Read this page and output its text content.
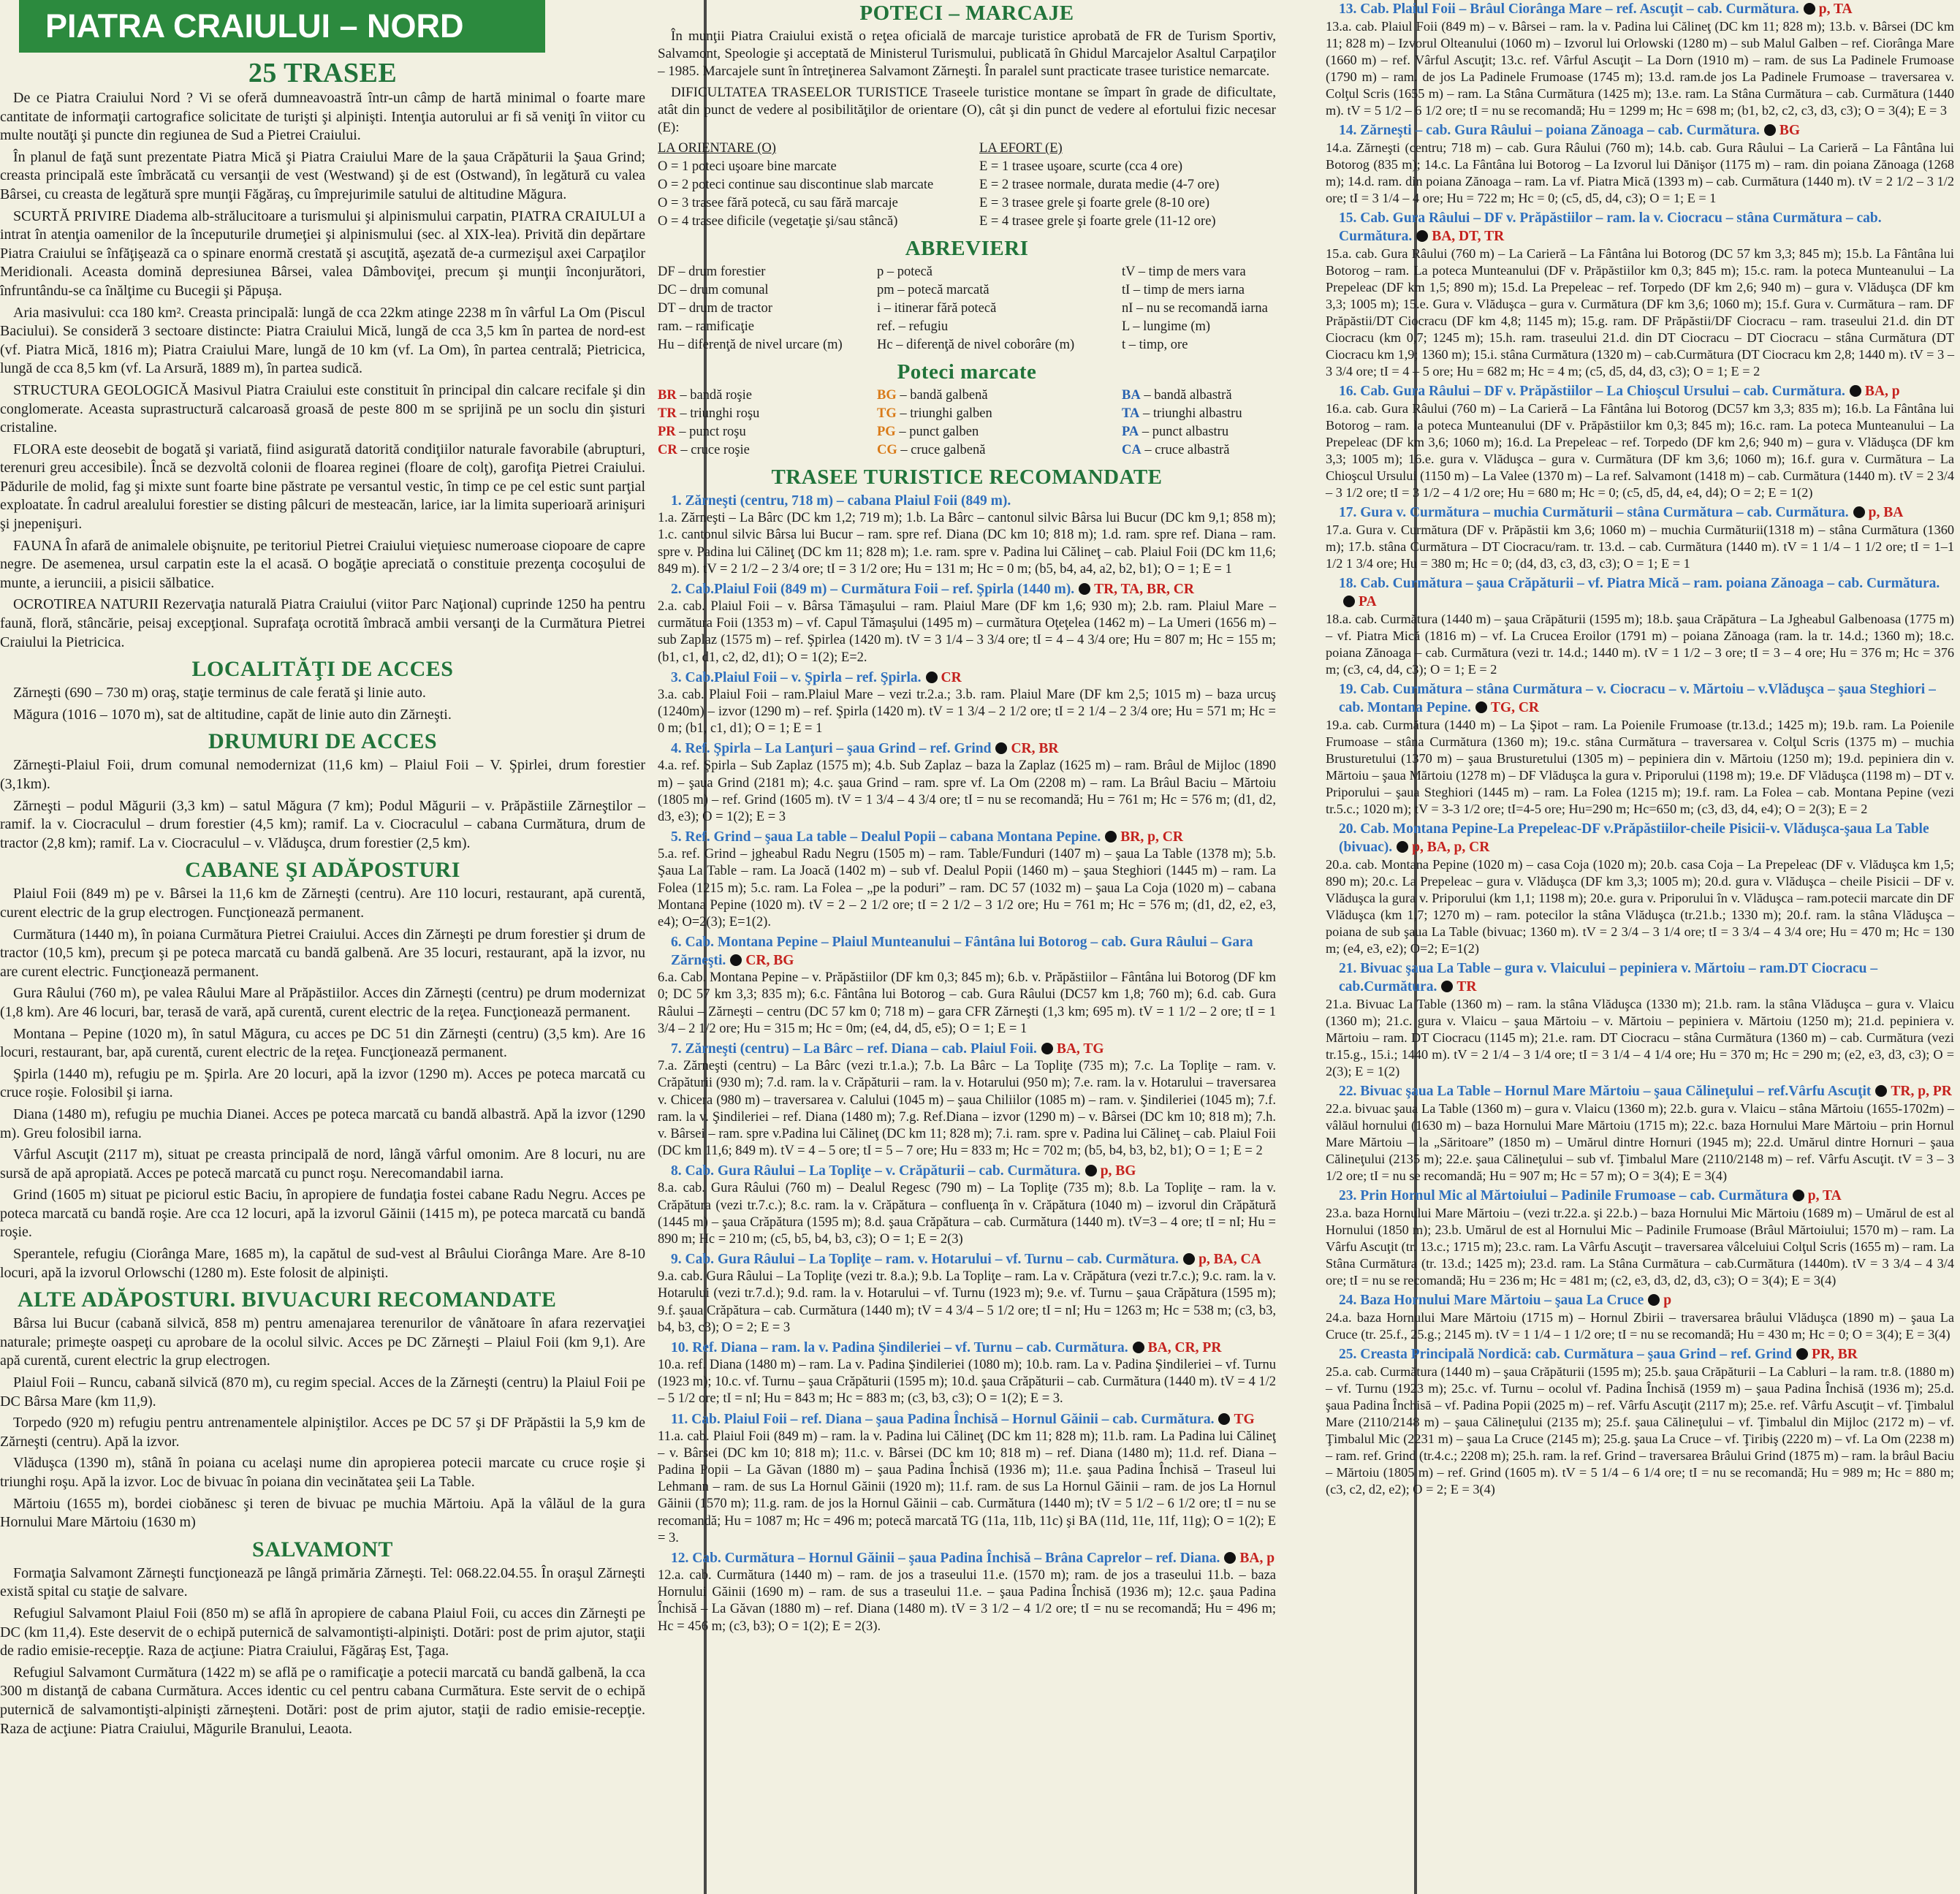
PIATRA CRAIULUI – NORD
25 TRASEE

De ce Piatra Craiului Nord ? Vi se oferă dumneavoastră într-un câmp de hartă minimal o foarte mare cantitate de informaţii cartografice solicitate de turişti şi alpinişti. Intenţia autorului ar fi să veniţi în viitor cu multe noutăţi şi puncte din regiunea de Sud a Pietrei Craiului.

În planul de faţă sunt prezentate Piatra Mică şi Piatra Craiului Mare de la şaua Crăpăturii la Şaua Grind; creasta principală este îmbrăcată cu versanţii de vest (Westwand) şi de est (Ostwand), în legătură cu valea Bârsei, cu creasta de legătură spre munţii Făgăraş, cu împrejurimile satului de altitudine Măgura.

SCURTĂ PRIVIRE Diadema alb-strălucitoare a turismului şi alpinismului carpatin, PIATRA CRAIULUI a intrat în atenţia oamenilor de la începuturile drumeţiei şi alpinismului (sec. al XIX-lea). Privită din depărtare Piatra Craiului se înfăţişează ca o spinare enormă crestată şi ascuţită, aşezată de-a curmezişul axei Carpaţilor Meridionali. Aceasta domină depresiunea Bârsei, valea Dâmboviţei, precum şi munţii înconjurători, înfruntându-se ca înălţime cu Bucegii şi Păpuşa.

Aria masivului: cca 180 km². Creasta principală: lungă de cca 22km atinge 2238 m în vârful La Om (Piscul Baciului). Se consideră 3 sectoare distincte: Piatra Craiului Mică, lungă de cca 3,5 km în partea de nord-est (vf. Piatra Mică, 1816 m); Piatra Craiului Mare, lungă de 10 km (vf. La Om), în partea centrală; Pietricica, lungă de cca 8,5 km (vf. La Arsură, 1889 m), în partea sudică.

STRUCTURA GEOLOGICĂ Masivul Piatra Craiului este constituit în principal din calcare recifale şi din conglomerate. Aceasta suprastructură calcaroasă groasă de peste 800 m se sprijină pe un soclu din şisturi cristaline.

FLORA este deosebit de bogată şi variată, fiind asigurată datorită condiţiilor naturale favorabile (abrupturi, terenuri greu accesibile). Încă se dezvoltă colonii de floarea reginei (floare de colţ), garofiţa Pietrei Craiului. Pădurile de molid, fag şi mixte sunt foarte bine păstrate pe versantul vestic, în timp ce pe cel estic sunt parţial exploatate. În cadrul arealului forestier se disting pâlcuri de mesteacăn, larice, iar la limita superioară arinişuri şi jnepenişuri.

FAUNA În afară de animalele obişnuite, pe teritoriul Pietrei Craiului vieţuiesc numeroase ciopoare de capre negre. De asemenea, ursul carpatin este la el acasă. O bogăţie apreciată o constituie prezenţa cocoşului de munte, a ierunciii, a pisicii sălbatice.

OCROTIREA NATURII Rezervaţia naturală Piatra Craiului (viitor Parc Naţional) cuprinde 1250 ha pentru faună, floră, stâncărie, peisaj excepţional. Suprafaţa ocrotită îmbracă ambii versanţi de la Curmătura Pietrei Craiului la Pietricica.

LOCALITĂŢI DE ACCES

Zărneşti (690 – 730 m) oraş, staţie terminus de cale ferată şi linie auto.

Măgura (1016 – 1070 m), sat de altitudine, capăt de linie auto din Zărneşti.

DRUMURI DE ACCES

Zărneşti-Plaiul Foii, drum comunal nemodernizat (11,6 km) – Plaiul Foii – V. Şpirlei, drum forestier (3,1km).

Zărneşti – podul Măgurii (3,3 km) – satul Măgura (7 km); Podul Măgurii – v. Prăpăstiile Zărneştilor – ramif. la v. Ciocraculul – drum forestier (4,5 km); ramif. La v. Ciocraculul – cabana Curmătura, drum de tractor (2,8 km); ramif. La v. Ciocraculul – v. Vlăduşca, drum forestier (2,5 km).

CABANE ŞI ADĂPOSTURI

Plaiul Foii (849 m) pe v. Bârsei la 11,6 km de Zărneşti (centru). Are 110 locuri, restaurant, apă curentă, curent electric de la grup electrogen. Funcţionează permanent.

Curmătura (1440 m), în poiana Curmătura Pietrei Craiului. Acces din Zărneşti pe drum forestier şi drum de tractor (10,5 km), precum şi pe poteca marcată cu bandă galbenă. Are 35 locuri, restaurant, apă la izvor, nu are curent electric. Funcţionează permanent.

Gura Râului (760 m), pe valea Râului Mare al Prăpăstiilor. Acces din Zărneşti (centru) pe drum modernizat (1,8 km). Are 46 locuri, bar, terasă de vară, apă curentă, curent electric de la reţea. Funcţionează permanent.

Montana – Pepine (1020 m), în satul Măgura, cu acces pe DC 51 din Zărneşti (centru) (3,5 km). Are 16 locuri, restaurant, bar, apă curentă, curent electric de la reţea. Funcţionează permanent.

Şpirla (1440 m), refugiu pe m. Şpirla. Are 20 locuri, apă la izvor (1290 m). Acces pe poteca marcată cu cruce roşie. Folosibil şi iarna.

Diana (1480 m), refugiu pe muchia Dianei. Acces pe poteca marcată cu bandă albastră. Apă la izvor (1290 m). Greu folosibil iarna.

Vârful Ascuţit (2117 m), situat pe creasta principală de nord, lângă vârful omonim. Are 8 locuri, nu are sursă de apă apropiată. Acces pe potecă marcată cu punct roşu. Nerecomandabil iarna.

Grind (1605 m) situat pe piciorul estic Baciu, în apropiere de fundaţia fostei cabane Radu Negru. Acces pe poteca marcată cu bandă roşie. Are cca 12 locuri, apă la izvorul Găinii (1415 m), pe poteca marcată cu bandă roşie.

Sperantele, refugiu (Ciorânga Mare, 1685 m), la capătul de sud-vest al Brâului Ciorânga Mare. Are 8-10 locuri, apă la izvorul Orlowschi (1280 m). Este folosit de alpinişti.

ALTE ADĂPOSTURI. BIVUACURI RECOMANDATE

Bârsa lui Bucur (cabană silvică, 858 m) pentru amenajarea terenurilor de vânătoare în afara rezervaţiei naturale; primeşte oaspeţi cu aprobare de la ocolul silvic. Acces pe DC Zărneşti – Plaiul Foii (km 9,1). Are apă curentă, curent electric la grup electrogen.

Plaiul Foii – Runcu, cabană silvică (870 m), cu regim special. Acces de la Zărneşti (centru) la Plaiul Foii pe DC Bârsa Mare (km 11,9).

Torpedo (920 m) refugiu pentru antrenamentele alpiniştilor. Acces pe DC 57 şi DF Prăpăstii la 5,9 km de Zărneşti (centru). Apă la izvor.

Vlăduşca (1390 m), stână în poiana cu acelaşi nume din apropierea potecii marcate cu cruce roşie şi triunghi roşu. Apă la izvor. Loc de bivuac în poiana din vecinătatea şeii La Table.

Mărtoiu (1655 m), bordei ciobănesc şi teren de bivuac pe muchia Mărtoiu. Apă la vâlăul de la gura Hornului Mare Mărtoiu (1630 m)

SALVAMONT

Formaţia Salvamont Zărneşti funcţionează pe lângă primăria Zărneşti. Tel: 068.22.04.55. În oraşul Zărneşti există spital cu staţie de salvare.

Refugiul Salvamont Plaiul Foii (850 m) se află în apropiere de cabana Plaiul Foii, cu acces din Zărneşti pe DC (km 11,4). Este deservit de o echipă puternică de salvamontişti-alpinişti. Dotări: post de prim ajutor, staţii de radio emisie-recepţie. Raza de acţiune: Piatra Craiului, Făgăraş Est, Ţaga.

Refugiul Salvamont Curmătura (1422 m) se află pe o ramificaţie a potecii marcată cu bandă galbenă, la cca 300 m distanţă de cabana Curmătura. Acces identic cu cel pentru cabana Curmătura. Este servit de o echipă puternică de salvamontişti-alpinişti zărneşteni. Dotări: post de prim ajutor, staţii de radio emisie-recepţie. Raza de acţiune: Piatra Craiului, Măgurile Branului, Leaota.

POTECI – MARCAJE

În munţii Piatra Craiului există o reţea oficială de marcaje turistice aprobată de FR de Turism Sportiv, Salvamont, Speologie şi acceptată de Ministerul Turismului, publicată în Ghidul Marcajelor Asaltul Carpaţilor – 1985. Marcajele sunt în întreţinerea Salvamont Zărneşti. În paralel sunt practicate trasee turistice nemarcate.

DIFICULTATEA TRASEELOR TURISTICE Traseele turistice montane se împart în grade de dificultate, atât din punct de vedere al posibilităţilor de orientare (O), cât şi din punct de vedere al efortului fizic necesar (E):

LA ORIENTARE (O)	LA EFORT (E)
O = 1 poteci uşoare bine marcate	E = 1 trasee uşoare, scurte (cca 4 ore)
O = 2 poteci continue sau discontinue slab marcate	E = 2 trasee normale, durata medie (4-7 ore)
O = 3 trasee fără potecă, cu sau fără marcaje	E = 3 trasee grele şi foarte grele (8-10 ore)
O = 4 trasee dificile (vegetaţie şi/sau stâncă)	E = 4 trasee grele şi foarte grele (11-12 ore)
ABREVIERI
DF – drum forestier	p – potecă	tV – timp de mers vara
DC – drum comunal	pm – potecă marcată	tI – timp de mers iarna
DT – drum de tractor	i – itinerar fără potecă	nI – nu se recomandă iarna
ram. – ramificaţie	ref. – refugiu	L – lungime (m)
Hu – diferenţă de nivel urcare (m)	Hc – diferenţă de nivel coborâre (m)	t – timp, ore
Poteci marcate
BR – bandă roşie	BG – bandă galbenă	BA – bandă albastră
TR – triunghi roşu	TG – triunghi galben	TA – triunghi albastru
PR – punct roşu	PG – punct galben	PA – punct albastru
CR – cruce roşie	CG – cruce galbenă	CA – cruce albastră
TRASEE TURISTICE RECOMANDATE
1. Zărneşti (centru, 718 m) – cabana Plaiul Foii (849 m).

1.a. Zărneşti – La Bârc (DC km 1,2; 719 m); 1.b. La Bârc – cantonul silvic Bârsa lui Bucur (DC km 9,1; 858 m); 1.c. cantonul silvic Bârsa lui Bucur – ram. spre ref. Diana (DC km 10; 818 m); 1.d. ram. spre ref. Diana – ram. spre v. Padina lui Călineţ (DC km 11; 828 m); 1.e. ram. spre v. Padina lui Călineţ – cab. Plaiul Foii (DC km 11,6; 849 m). tV = 2 1/2 – 2 3/4 ore; tI = 3 1/2 ore; Hu = 131 m; Hc = 0 m; (b5, b4, a4, a2, b2, b1); O = 1; E = 1

2. Cab.Plaiul Foii (849 m) – Curmătura Foii – ref. Şpirla (1440 m). TR, TA, BR, CR

2.a. cab. Plaiul Foii – v. Bârsa Tămaşului – ram. Plaiul Mare (DF km 1,6; 930 m); 2.b. ram. Plaiul Mare – curmătura Foii (1353 m) – vf. Capul Tămaşului (1495 m) – curmătura Oţeţelea (1462 m) – La Umeri (1656 m) – sub Zaplaz (1575 m) – ref. Şpirlea (1420 m). tV = 3 1/4 – 3 3/4 ore; tI = 4 – 4 3/4 ore; Hu = 807 m; Hc = 155 m; (b1, c1, d1, c2, d2, d1); O = 1(2); E=2.

3. Cab.Plaiul Foii – v. Şpirla – ref. Şpirla. CR

3.a. cab. Plaiul Foii – ram.Plaiul Mare – vezi tr.2.a.; 3.b. ram. Plaiul Mare (DF km 2,5; 1015 m) – baza urcuş (1240m) – izvor (1290 m) – ref. Şpirla (1420 m). tV = 1 3/4 – 2 1/2 ore; tI = 2 1/4 – 2 3/4 ore; Hu = 571 m; Hc = 0 m; (b1, c1, d1); O = 1; E = 1

4. Ref. Şpirla – La Lanţuri – şaua Grind – ref. Grind CR, BR

4.a. ref. Şpirla – Sub Zaplaz (1575 m); 4.b. Sub Zaplaz – baza la Zaplaz (1625 m) – ram. Brâul de Mijloc (1890 m) – şaua Grind (2181 m); 4.c. şaua Grind – ram. spre vf. La Om (2208 m) – ram. La Brâul Baciu – Mărtoiu (1805 m) – ref. Grind (1605 m). tV = 1 3/4 – 4 3/4 ore; tI = nu se recomandă; Hu = 761 m; Hc = 576 m; (d1, d2, d3, e3); O = 1(2); E = 3

5. Ref. Grind – şaua La table – Dealul Popii – cabana Montana Pepine. BR, p, CR

5.a. ref. Grind – jgheabul Radu Negru (1505 m) – ram. Table/Funduri (1407 m) – şaua La Table (1378 m); 5.b. Şaua La Table – ram. La Joacă (1402 m) – sub vf. Dealul Popii (1460 m) – şaua Steghiori (1445 m) – ram. La Folea (1215 m); 5.c. ram. La Folea – „pe la poduri” – ram. DC 57 (1032 m) – şaua La Coja (1020 m) – cabana Montana Pepine (1020 m). tV = 2 – 2 1/2 ore; tI = 2 1/2 – 3 1/2 ore; Hu = 761 m; Hc = 576 m; (d1, d2, e2, e3, e4); O=2(3); E=1(2).

6. Cab. Montana Pepine – Plaiul Munteanului – Fântâna lui Botorog – cab. Gura Râului – Gara Zărneşti. CR, BG

6.a. Cab. Montana Pepine – v. Prăpăstiilor (DF km 0,3; 845 m); 6.b. v. Prăpăstiilor – Fântâna lui Botorog (DF km 0; DC 57 km 3,3; 835 m); 6.c. Fântâna lui Botorog – cab. Gura Râului (DC57 km 1,8; 760 m); 6.d. cab. Gura Râului – Zărneşti – centru (DC 57 km 0; 718 m) – gara CFR Zărneşti (1,3 km; 695 m). tV = 1 1/2 – 2 ore; tI = 1 3/4 – 2 1/2 ore; Hu = 315 m; Hc = 0m; (e4, d4, d5, e5); O = 1; E = 1

7. Zărneşti (centru) – La Bârc – ref. Diana – cab. Plaiul Foii. BA, TG

7.a. Zărneşti (centru) – La Bârc (vezi tr.1.a.); 7.b. La Bârc – La Topliţe (735 m); 7.c. La Topliţe – ram. v. Crăpăturii (930 m); 7.d. ram. la v. Crăpăturii – ram. la v. Hotarului (950 m); 7.e. ram. la v. Hotarului – traversarea v. Chicera (980 m) – traversarea v. Calului (1045 m) – şaua Chiliilor (1085 m) – ram. v. Şindileriei (1045 m); 7.f. ram. la v. Şindileriei – ref. Diana (1480 m); 7.g. Ref.Diana – izvor (1290 m) – v. Bârsei (DC km 10; 818 m); 7.h. v. Bârsei – ram. spre v.Padina lui Călineţ (DC km 11; 828 m); 7.i. ram. spre v. Padina lui Călineţ – cab. Plaiul Foii (DC km 11,6; 849 m). tV = 4 – 5 ore; tI = 5 – 7 ore; Hu = 833 m; Hc = 702 m; (b5, b4, b3, b2, b1); O = 1; E = 2

8. Cab. Gura Râului – La Topliţe – v. Crăpăturii – cab. Curmătura. p, BG

8.a. cab. Gura Râului (760 m) – Dealul Regesc (790 m) – La Topliţe (735 m); 8.b. La Topliţe – ram. la v. Crăpătura (vezi tr.7.c.); 8.c. ram. la v. Crăpătura – confluenţa în v. Crăpătura (1040 m) – izvorul din Crăpătură (1445 m) – şaua Crăpătura (1595 m); 8.d. şaua Crăpătura – cab. Curmătura (1440 m). tV=3 – 4 ore; tI = nI; Hu = 890 m; Hc = 210 m; (c5, b5, b4, b3, c3); O = 1; E = 2(3)

9. Cab. Gura Râului – La Topliţe – ram. v. Hotarului – vf. Turnu – cab. Curmătura. p, BA, CA

9.a. cab. Gura Râului – La Topliţe (vezi tr. 8.a.); 9.b. La Topliţe – ram. La v. Crăpătura (vezi tr.7.c.); 9.c. ram. la v. Hotarului (vezi tr.7.d.); 9.d. ram. la v. Hotarului – vf. Turnu (1923 m); 9.e. vf. Turnu – şaua Crăpătura (1595 m); 9.f. şaua Crăpătura – cab. Curmătura (1440 m); tV = 4 3/4 – 5 1/2 ore; tI = nI; Hu = 1263 m; Hc = 538 m; (c3, b3, b4, b3, c3); O = 2; E = 3

10. Ref. Diana – ram. la v. Padina Şindileriei – vf. Turnu – cab. Curmătura. BA, CR, PR

10.a. ref. Diana (1480 m) – ram. La v. Padina Şindileriei (1080 m); 10.b. ram. La v. Padina Şindileriei – vf. Turnu (1923 m); 10.c. vf. Turnu – şaua Crăpăturii (1595 m); 10.d. şaua Crăpăturii – cab. Curmătura (1440 m). tV = 4 1/2 – 5 1/2 ore; tI = nI; Hu = 843 m; Hc = 883 m; (c3, b3, c3); O = 1(2); E = 3.

11. Cab. Plaiul Foii – ref. Diana – şaua Padina Închisă – Hornul Găinii – cab. Curmătura. TG

11.a. cab. Plaiul Foii (849 m) – ram. la v. Padina lui Călineţ (DC km 11; 828 m); 11.b. ram. La Padina lui Călineţ – v. Bârsei (DC km 10; 818 m); 11.c. v. Bârsei (DC km 10; 818 m) – ref. Diana (1480 m); 11.d. ref. Diana – Padina Popii – La Găvan (1880 m) – şaua Padina Închisă (1936 m); 11.e. şaua Padina Închisă – Traseul lui Lehmann – ram. de sus La Hornul Găinii (1920 m); 11.f. ram. de sus La Hornul Găinii – ram. de jos La Hornul Găinii (1570 m); 11.g. ram. de jos la Hornul Găinii – cab. Curmătura (1440 m); tV = 5 1/2 – 6 1/2 ore; tI = nu se recomandă; Hu = 1087 m; Hc = 496 m; potecă marcată TG (11a, 11b, 11c) şi BA (11d, 11e, 11f, 11g); O = 1(2); E = 3.

12. Cab. Curmătura – Hornul Găinii – şaua Padina Închisă – Brâna Caprelor – ref. Diana. BA, p

12.a. cab. Curmătura (1440 m) – ram. de jos a traseului 11.e. (1570 m); ram. de jos a traseului 11.b. – baza Hornului Găinii (1690 m) – ram. de sus a traseului 11.e. – şaua Padina Închisă (1936 m); 12.c. şaua Padina Închisă – La Găvan (1880 m) – ref. Diana (1480 m). tV = 3 1/2 – 4 1/2 ore; tI = nu se recomandă; Hu = 496 m; Hc = 456 m; (c3, b3); O = 1(2); E = 2(3).

13. Cab. Plaiul Foii – Brâul Ciorânga Mare – ref. Ascuţit – cab. Curmătura. p, TA

13.a. cab. Plaiul Foii (849 m) – v. Bârsei – ram. la v. Padina lui Călineţ (DC km 11; 828 m); 13.b. v. Bârsei (DC km 11; 828 m) – Izvorul Olteanului (1060 m) – Izvorul lui Orlowski (1280 m) – sub Malul Galben – ref. Ciorânga Mare (1660 m) – ref. Vârful Ascuţit; 13.c. ref. Vârful Ascuţit – La Dorn (1910 m) – ram. de sus La Padinele Frumoase (1790 m) – ram. de jos La Padinele Frumoase (1745 m); 13.d. ram.de jos La Padinele Frumoase – traversarea v. Colţul Scris (1655 m) – ram. La Stâna Curmătura (1425 m); 13.e. ram. La Stâna Curmătura – cab. Curmătura (1440 m). tV = 5 1/2 – 6 1/2 ore; tI = nu se recomandă; Hu = 1299 m; Hc = 698 m; (b1, b2, c2, c3, d3, c3); O = 3(4); E = 3

14. Zărneşti – cab. Gura Râului – poiana Zănoaga – cab. Curmătura. BG

14.a. Zărneşti (centru; 718 m) – cab. Gura Râului (760 m); 14.b. cab. Gura Râului – La Carieră – La Fântâna lui Botorog (835 m); 14.c. La Fântâna lui Botorog – La Izvorul lui Dănişor (1175 m) – ram. din poiana Zănoaga (1268 m); 14.d. ram. din poiana Zănoaga – ram. La vf. Piatra Mică (1393 m) – cab. Curmătura (1440 m). tV = 2 1/2 – 3 1/2 ore; tI = 3 1/4 – 4 ore; Hu = 722 m; Hc = 0; (c5, d5, d4, c3); O = 1; E = 1

15. Cab. Gura Râului – DF v. Prăpăstiilor – ram. la v. Ciocracu – stâna Curmătura – cab. Curmătura. BA, DT, TR

15.a. cab. Gura Râului (760 m) – La Carieră – La Fântâna lui Botorog (DC 57 km 3,3; 845 m); 15.b. La Fântâna lui Botorog – ram. La poteca Munteanului (DF v. Prăpăstiilor km 0,3; 845 m); 15.c. ram. la poteca Munteanului – La Prepeleac (DF km 1,5; 890 m); 15.d. La Prepeleac – ref. Torpedo (DF km 2,6; 940 m) – gura v. Vlăduşca (DF km 3,3; 1005 m); 15.e. Gura v. Vlăduşca – gura v. Curmătura (DF km 3,6; 1060 m); 15.f. Gura v. Curmătura – ram. DF Prăpăstii/DT Ciocracu (DF km 4,8; 1145 m); 15.g. ram. DF Prăpăstii/DF Ciocracu – ram. traseului 21.d. din DT Ciocracu (km 0,7; 1245 m); 15.h. ram. traseului 21.d. din DT Ciocracu – DT Ciocracu – stâna Curmătura (DT Ciocracu km 1,9; 1360 m); 15.i. stâna Curmătura (1320 m) – cab.Curmătura (DT Ciocracu km 2,8; 1440 m). tV = 3 – 3 3/4 ore; tI = 4 – 5 ore; Hu = 682 m; Hc = 4 m; (c5, d5, d4, d3, c3); O = 1; E = 2

16. Cab. Gura Râului – DF v. Prăpăstiilor – La Chioşcul Ursului – cab. Curmătura. BA, p

16.a. cab. Gura Râului (760 m) – La Carieră – La Fântâna lui Botorog (DC57 km 3,3; 835 m); 16.b. La Fântâna lui Botorog – ram. la poteca Munteanului (DF v. Prăpăstiilor km 0,3; 845 m); 16.c. ram. La poteca Munteanului – La Prepeleac (DF km 3,6; 1060 m); 16.d. La Prepeleac – ref. Torpedo (DF km 2,6; 940 m) – gura v. Vlăduşca (DF km 3,3; 1005 m); 16.e. gura v. Vlăduşca – gura v. Curmătura (DF km 3,6; 1060 m); 16.f. gura v. Curmătura – La Chioşcul Ursului (1150 m) – La Valee (1370 m) – La ref. Salvamont (1418 m) – cab. Curmătura (1440 m). tV = 2 3/4 – 3 1/2 ore; tI = 3 1/2 – 4 1/2 ore; Hu = 680 m; Hc = 0; (c5, d5, d4, e4, d4); O = 2; E = 1(2)

17. Gura v. Curmătura – muchia Curmăturii – stâna Curmătura – cab. Curmătura. p, BA

17.a. Gura v. Curmătura (DF v. Prăpăstii km 3,6; 1060 m) – muchia Curmăturii(1318 m) – stâna Curmătura (1360 m); 17.b. stâna Curmătura – DT Ciocracu/ram. tr. 13.d. – cab. Curmătura (1440 m). tV = 1 1/4 – 1 1/2 ore; tI = 1–1 1/2 1 3/4 ore; Hu = 380 m; Hc = 0; (d4, d3, c3, d3, c3); O = 1; E = 1

18. Cab. Curmătura – şaua Crăpăturii – vf. Piatra Mică – ram. poiana Zănoaga – cab. Curmătura.PA

18.a. cab. Curmătura (1440 m) – şaua Crăpăturii (1595 m); 18.b. şaua Crăpătura – La Jgheabul Galbenoasa (1775 m) – vf. Piatra Mică (1816 m) – vf. La Crucea Eroilor (1791 m) – poiana Zănoaga (ram. la tr. 14.d.; 1360 m); 18.c. poiana Zănoaga – cab. Curmătura (vezi tr. 14.d.; 1440 m). tV = 1 1/2 – 3 ore; tI = 3 – 4 ore; Hu = 376 m; Hc = 376 m; (c3, c4, d4, c3); O = 1; E = 2

19. Cab. Curmătura – stâna Curmătura – v. Ciocracu – v. Mărtoiu – v.Vlăduşca – şaua Steghiori – cab. Montana Pepine. TG, CR

19.a. cab. Curmătura (1440 m) – La Şipot – ram. La Poienile Frumoase (tr.13.d.; 1425 m); 19.b. ram. La Poienile Frumoase – stâna Curmătura (1360 m); 19.c. stâna Curmătura – traversarea v. Colţul Scris (1375 m) – muchia Brusturetului (1370 m) – şaua Brusturetului (1305 m) – pepiniera din v. Mărtoiu (1250 m); 19.d. pepiniera din v. Mărtoiu – şaua Mărtoiu (1278 m) – DF Vlăduşca la gura v. Priporului (1198 m); 19.e. DF Vlăduşca (1198 m) – DT v. Priporului – şaua Steghiori (1445 m) – ram. La Folea (1215 m); 19.f. ram. La Folea – cab. Montana Pepine (vezi tr.5.c.; 1020 m); tV = 3-3 1/2 ore; tI=4-5 ore; Hu=290 m; Hc=650 m; (c3, d3, d4, e4); O = 2(3); E = 2

20. Cab. Montana Pepine-La Prepeleac-DF v.Prăpăstiilor-cheile Pisicii-v. Vlăduşca-şaua La Table (bivuac). p, BA, p, CR

20.a. cab. Montana Pepine (1020 m) – casa Coja (1020 m); 20.b. casa Coja – La Prepeleac (DF v. Vlăduşca km 1,5; 890 m); 20.c. La Prepeleac – gura v. Vlăduşca (DF km 3,3; 1005 m); 20.d. gura v. Vlăduşca – cheile Pisicii – DF v. Vlăduşca la gura v. Priporului (km 1,1; 1198 m); 20.e. gura v. Priporului în v. Vlăduşca – ram.potecii marcate din DF Vlăduşca (km 1,7; 1270 m) – ram. potecilor la stâna Vlăduşca (tr.21.b.; 1330 m); 20.f. ram. la stâna Vlăduşca – poiana de sub şaua La Table (bivuac; 1360 m). tV = 2 3/4 – 3 1/4 ore; tI = 3 3/4 – 4 3/4 ore; Hu = 470 m; Hc = 130 m; (e4, e3, e2); O=2; E=1(2)

21. Bivuac şaua La Table – gura v. Vlaicului – pepiniera v. Mărtoiu – ram.DT Ciocracu – cab.Curmătura. TR

21.a. Bivuac La Table (1360 m) – ram. la stâna Vlăduşca (1330 m); 21.b. ram. la stâna Vlăduşca – gura v. Vlaicu (1360 m); 21.c. gura v. Vlaicu – şaua Mărtoiu – v. Mărtoiu – pepiniera v. Mărtoiu (1250 m); 21.d. pepiniera v. Mărtoiu – ram. DT Ciocracu (1145 m); 21.e. ram. DT Ciocracu – stâna Curmătura (1360 m) – cab. Curmătura (vezi tr.15.g., 15.i.; 1440 m). tV = 2 1/4 – 3 1/4 ore; tI = 3 1/4 – 4 1/4 ore; Hu = 370 m; Hc = 290 m; (e2, e3, d3, c3); O = 2(3); E = 1(2)

22. Bivuac şaua La Table – Hornul Mare Mărtoiu – şaua Călineţului – ref.Vârfu Ascuţit TR, p, PR

22.a. bivuac şaua La Table (1360 m) – gura v. Vlaicu (1360 m); 22.b. gura v. Vlaicu – stâna Mărtoiu (1655-1702m) – vâlăul hornului (1630 m) – baza Hornului Mare Mărtoiu (1715 m); 22.c. baza Hornului Mare Mărtoiu – prin Hornul Mare Mărtoiu – la „Săritoare” (1850 m) – Umărul dintre Hornuri (1945 m); 22.d. Umărul dintre Hornuri – şaua Călineţului (2135 m); 22.e. şaua Călineţului – sub vf. Ţimbalul Mare (2110/2148 m) – ref. Vârfu Ascuţit. tV = 3 – 3 1/2 ore; tI = nu se recomandă; Hu = 907 m; Hc = 57 m); O = 3(4); E = 3(4)

23. Prin Hornul Mic al Mărtoiului – Padinile Frumoase – cab. Curmătura p, TA

23.a. baza Hornului Mare Mărtoiu – (vezi tr.22.a. şi 22.b.) – baza Hornului Mic Mărtoiu (1689 m) – Umărul de est al Hornului (1850 m); 23.b. Umărul de est al Hornului Mic – Padinile Frumoase (Brâul Mărtoiului; 1570 m) – ram. La Vârfu Ascuţit (tr. 13.c.; 1715 m); 23.c. ram. La Vârfu Ascuţit – traversarea vâlceluiui Colţul Scris (1655 m) – ram. La Stâna Curmătura (tr. 13.d.; 1425 m); 23.d. ram. La Stâna Curmătura – cab.Curmătura (1440m). tV = 3 3/4 – 4 3/4 ore; tI = nu se recomandă; Hu = 236 m; Hc = 481 m; (c2, e3, d3, d2, d3, c3); O = 3(4); E = 3(4)

24. Baza Hornului Mare Mărtoiu – şaua La Cruce p

24.a. baza Hornului Mare Mărtoiu (1715 m) – Hornul Zbirii – traversarea brâului Vlăduşca (1890 m) – şaua La Cruce (tr. 25.f., 25.g.; 2145 m). tV = 1 1/4 – 1 1/2 ore; tI = nu se recomandă; Hu = 430 m; Hc = 0; O = 3(4); E = 3(4)

25. Creasta Principală Nordică: cab. Curmătura – şaua Grind – ref. Grind PR, BR

25.a. cab. Curmătura (1440 m) – şaua Crăpăturii (1595 m); 25.b. şaua Crăpăturii – La Cabluri – la ram. tr.8. (1880 m) – vf. Turnu (1923 m); 25.c. vf. Turnu – ocolul vf. Padina Închisă (1959 m) – şaua Padina Închisă (1936 m); 25.d. şaua Padina Închisă – vf. Padina Popii (2025 m) – ref. Vârfu Ascuţit (2117 m); 25.e. ref. Vârfu Ascuţit – vf. Ţimbalul Mare (2110/2148 m) – şaua Călineţului (2135 m); 25.f. şaua Călineţului – vf. Ţimbalul din Mijloc (2172 m) – vf. Ţimbalul Mic (2231 m) – şaua La Cruce (2145 m); 25.g. şaua La Cruce – vf. Ţiribiş (2220 m) – vf. La Om (2238 m) – ram. ref. Grind (tr.4.c.; 2208 m); 25.h. ram. la ref. Grind – traversarea Brâului Grind (1875 m) – ram. la brâul Baciu – Mărtoiu (1805 m) – ref. Grind (1605 m). tV = 5 1/4 – 6 1/4 ore; tI = nu se recomandă; Hu = 989 m; Hc = 880 m; (c3, c2, d2, e2); O = 2; E = 3(4)
